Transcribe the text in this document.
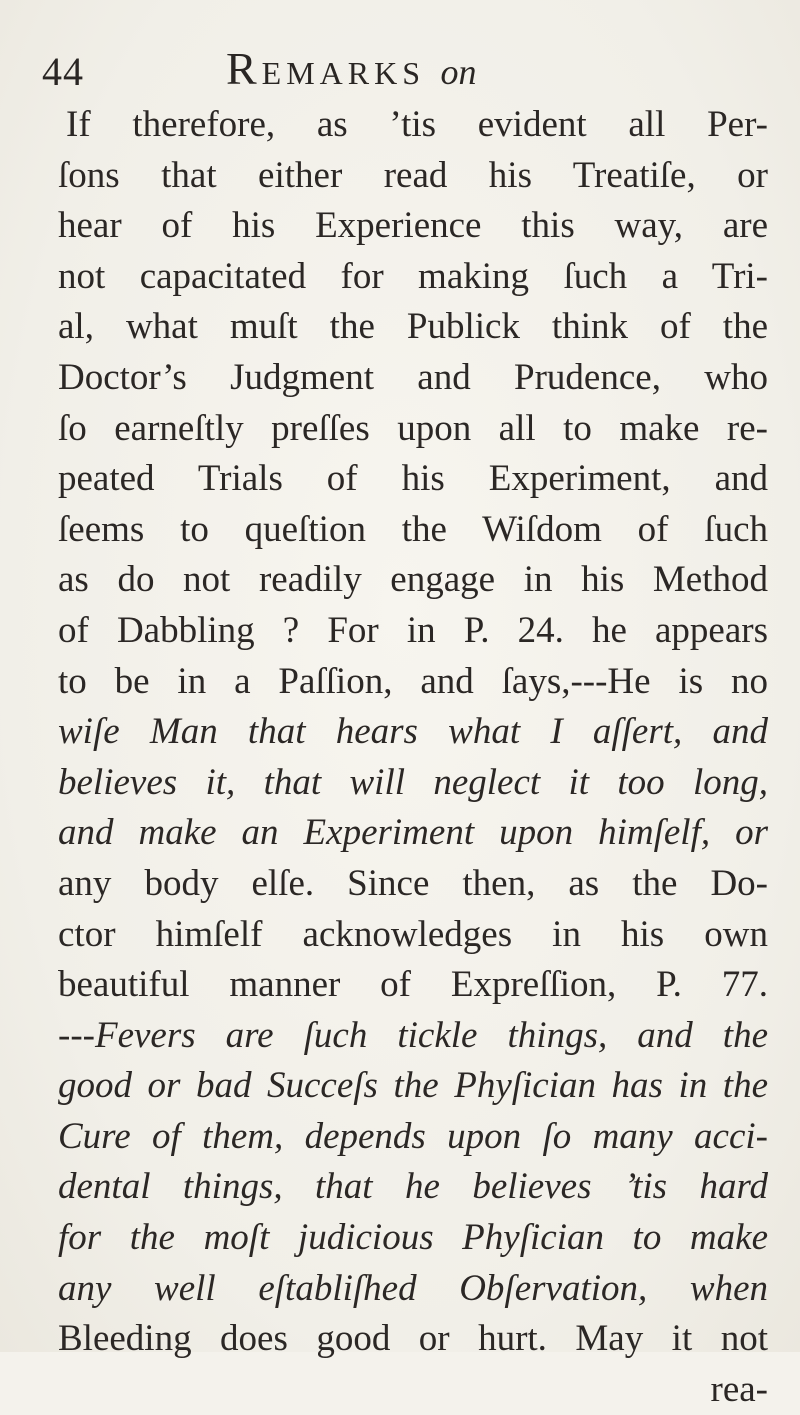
44	Remarks on
If therefore, as ’tis evident all Per-
ſons that either read his Treatiſe, or
hear of his Experience this way, are
not capacitated for making ſuch a Tri-
al, what muſt the Publick think of the
Doctor’s Judgment and Prudence, who
ſo earneſtly preſſes upon all to make re-
peated Trials of his Experiment, and
ſeems to queſtion the Wiſdom of ſuch
as do not readily engage in his Method
of Dabbling ? For in P. 24. he appears
to be in a Paſſion, and ſays,---He is no
wiſe Man that hears what I aſſert, and
believes it, that will neglect it too long,
and make an Experiment upon himſelf, or
any body elſe. Since then, as the Do-
ctor himſelf acknowledges in his own
beautiful manner of Expreſſion, P. 77.
---Fevers are ſuch tickle things, and the
good or bad Succeſs the Phyſician has in the
Cure of them, depends upon ſo many acci-
dental things, that he believes ’tis hard
for the moſt judicious Phyſician to make
any well eſtabliſhed Obſervation, when
Bleeding does good or hurt. May it not
rea-
